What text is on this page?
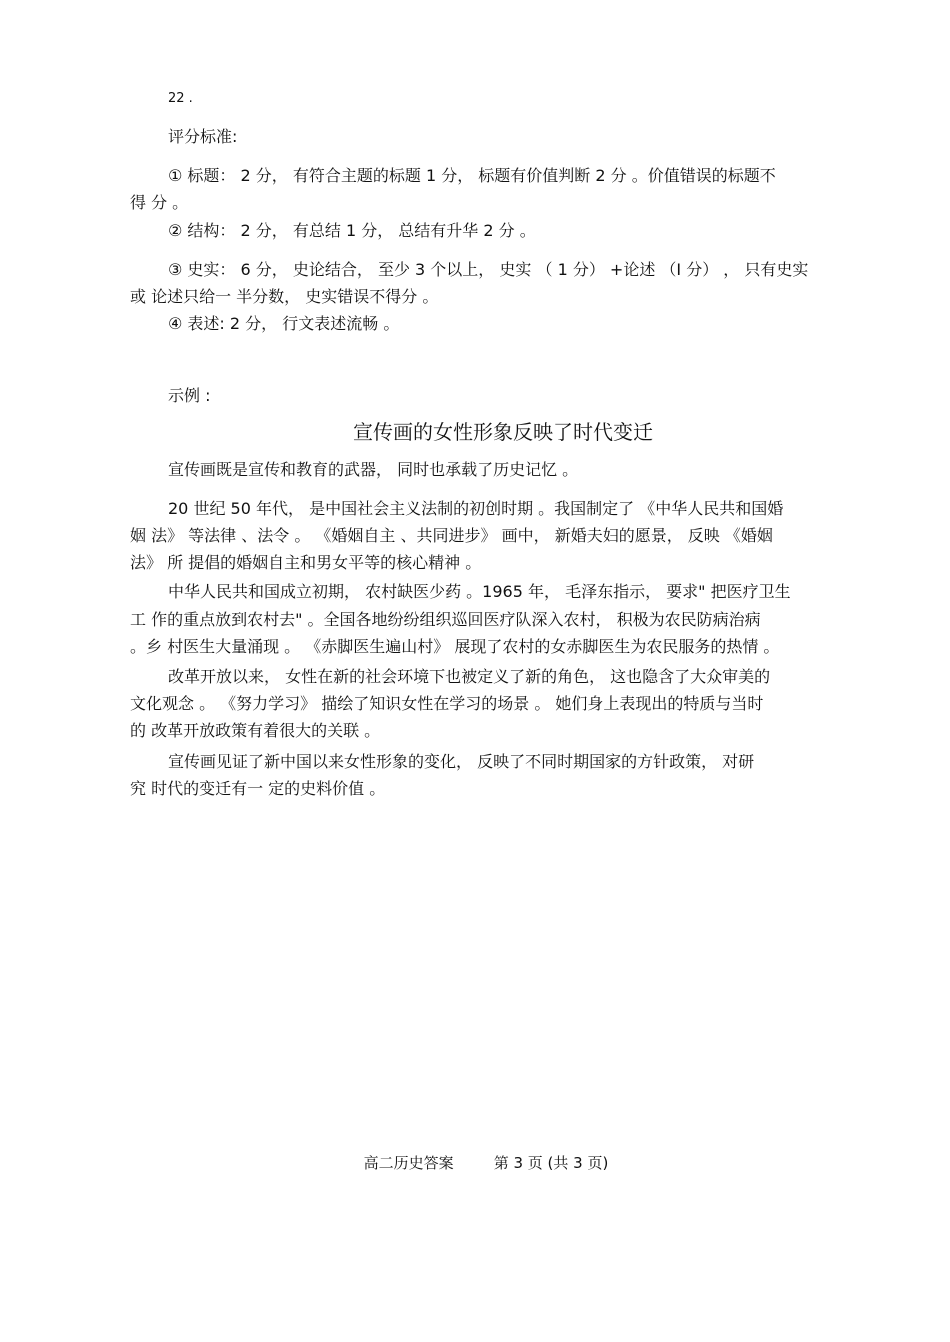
22 .
评分标准:
① 标题： 2 分， 有符合主题的标题 1 分， 标题有价值判断 2 分 。价值错误的标题不
得 分 。
② 结构： 2 分， 有总结 1 分， 总结有升华 2 分 。
③ 史实： 6 分， 史论结合， 至少 3 个以上， 史实 （ 1 分） +论述 （I 分） ， 只有史实
或 论述只给一 半分数， 史实错误不得分 。
④ 表述: 2 分， 行文表述流畅 。
示例 :
宣传画的女性形象反映了时代变迁
宣传画既是宣传和教育的武器， 同时也承载了历史记忆 。
20 世纪 50 年代， 是中国社会主义法制的初创时期 。我国制定了 《中华人民共和国婚
姻 法》 等法律 、法令 。 《婚姻自主 、共同进步》 画中， 新婚夫妇的愿景， 反映 《婚姻
法》 所 提倡的婚姻自主和男女平等的核心精神 。
中华人民共和国成立初期， 农村缺医少药 。1965 年， 毛泽东指示， 要求" 把医疗卫生
工 作的重点放到农村去" 。全国各地纷纷组织巡回医疗队深入农村， 积极为农民防病治病
。乡 村医生大量涌现 。 《赤脚医生遍山村》 展现了农村的女赤脚医生为农民服务的热情 。
改革开放以来， 女性在新的社会环境下也被定义了新的角色， 这也隐含了大众审美的
文化观念 。 《努力学习》 描绘了知识女性在学习的场景 。 她们身上表现出的特质与当时
的 改革开放政策有着很大的关联 。
宣传画见证了新中国以来女性形象的变化， 反映了不同时期国家的方针政策， 对研
究 时代的变迁有一 定的史料价值 。
高二历史答案	第 3 页 (共 3 页)
